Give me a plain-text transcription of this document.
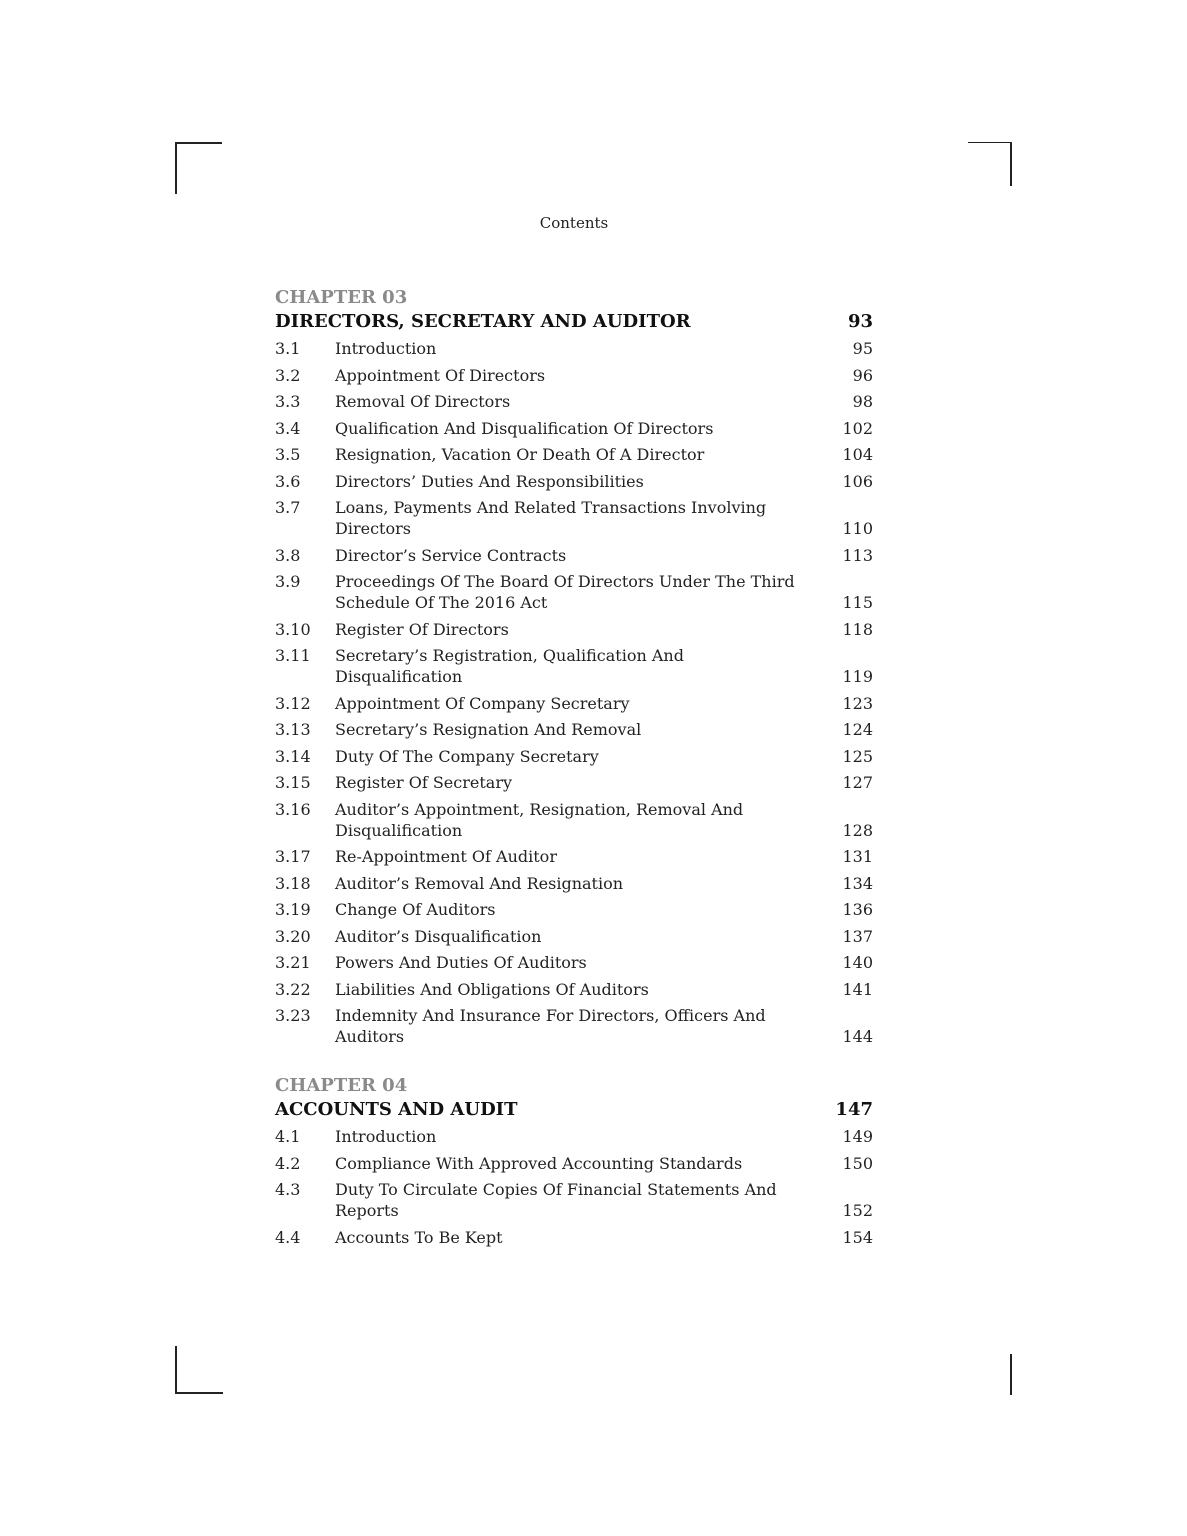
Contents
CHAPTER 03
DIRECTORS, SECRETARY AND AUDITOR	93
3.1	Introduction	95
3.2	Appointment Of Directors	96
3.3	Removal Of Directors	98
3.4	Qualification And Disqualification Of Directors	102
3.5	Resignation, Vacation Or Death Of A Director	104
3.6	Directors’ Duties And Responsibilities	106
3.7	Loans, Payments And Related Transactions Involving Directors	110
3.8	Director’s Service Contracts	113
3.9	Proceedings Of The Board Of Directors Under The Third Schedule Of The 2016 Act	115
3.10	Register Of Directors	118
3.11	Secretary’s Registration, Qualification And Disqualification	119
3.12	Appointment Of Company Secretary	123
3.13	Secretary’s Resignation And Removal	124
3.14	Duty Of The Company Secretary	125
3.15	Register Of Secretary	127
3.16	Auditor’s Appointment, Resignation, Removal And Disqualification	128
3.17	Re-Appointment Of Auditor	131
3.18	Auditor’s Removal And Resignation	134
3.19	Change Of Auditors	136
3.20	Auditor’s Disqualification	137
3.21	Powers And Duties Of Auditors	140
3.22	Liabilities And Obligations Of Auditors	141
3.23	Indemnity And Insurance For Directors, Officers And Auditors	144
CHAPTER 04
ACCOUNTS AND AUDIT	147
4.1	Introduction	149
4.2	Compliance With Approved Accounting Standards	150
4.3	Duty To Circulate Copies Of Financial Statements And Reports	152
4.4	Accounts To Be Kept	154
